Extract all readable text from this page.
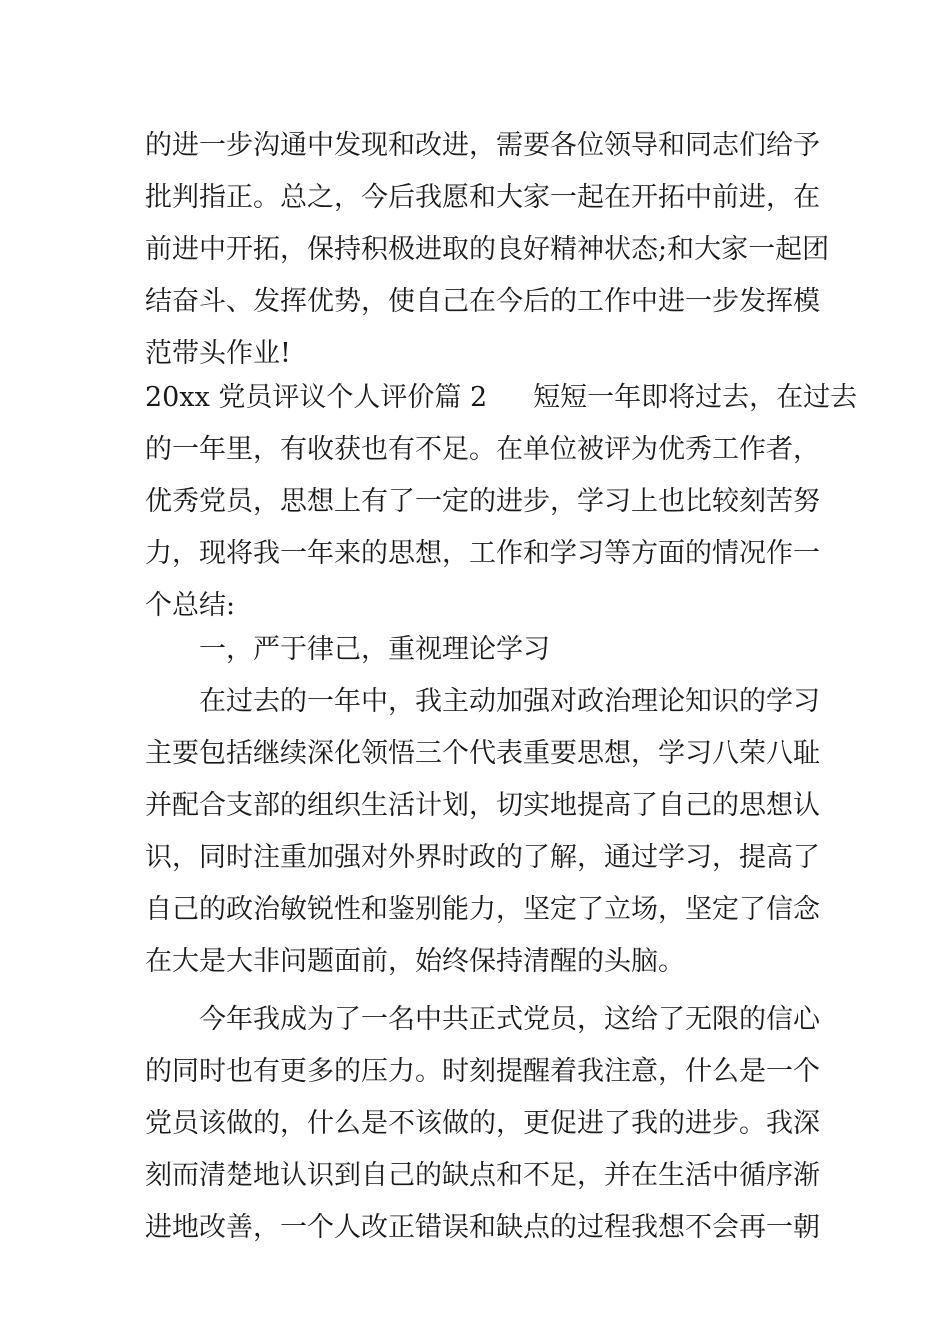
的进一步沟通中发现和改进，需要各位领导和同志们给予
批判指正。总之，今后我愿和大家一起在开拓中前进，在
前进中开拓，保持积极进取的良好精神状态;和大家一起团
结奋斗、发挥优势，使自己在今后的工作中进一步发挥模
范带头作业!
20xx 党员评议个人评价篇 2 短短一年即将过去，在过去
的一年里，有收获也有不足。在单位被评为优秀工作者，
优秀党员，思想上有了一定的进步，学习上也比较刻苦努
力，现将我一年来的思想，工作和学习等方面的情况作一
个总结:
一，严于律己，重视理论学习
在过去的一年中，我主动加强对政治理论知识的学习
主要包括继续深化领悟三个代表重要思想，学习八荣八耻
并配合支部的组织生活计划，切实地提高了自己的思想认
识，同时注重加强对外界时政的了解，通过学习，提高了
自己的政治敏锐性和鉴别能力，坚定了立场，坚定了信念
在大是大非问题面前，始终保持清醒的头脑。
今年我成为了一名中共正式党员，这给了无限的信心
的同时也有更多的压力。时刻提醒着我注意，什么是一个
党员该做的，什么是不该做的，更促进了我的进步。我深
刻而清楚地认识到自己的缺点和不足，并在生活中循序渐
进地改善，一个人改正错误和缺点的过程我想不会再一朝
